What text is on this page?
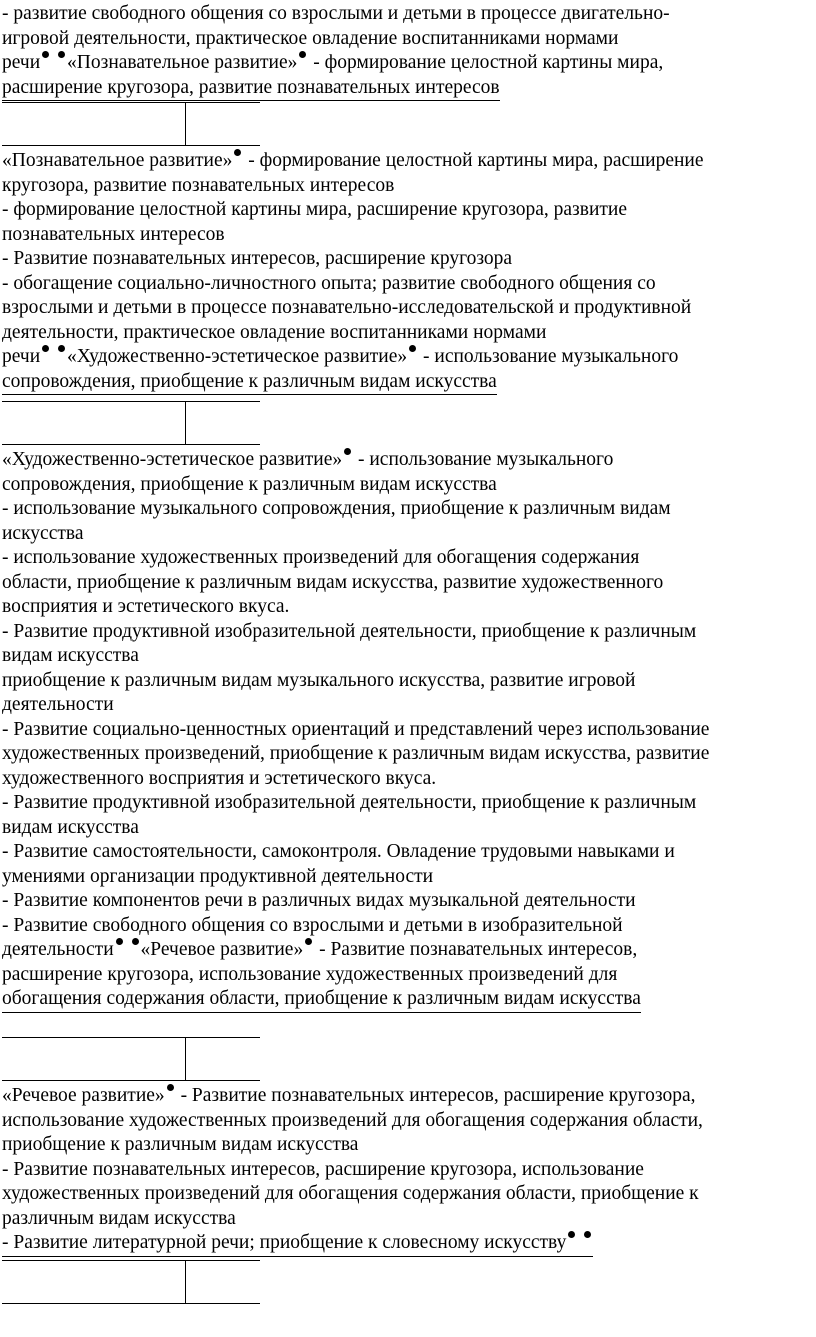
- развитие свободного общения со взрослыми и детьми в процессе двигательно-
игровой деятельности, практическое овладение воспитанниками нормами
речи «Познавательное развитие» - формирование целостной картины мира,
расширение кругозора, развитие познавательных интересов
«Познавательное развитие» - формирование целостной картины мира, расширение
кругозора, развитие познавательных интересов
- формирование целостной картины мира, расширение кругозора, развитие
познавательных интересов
- Развитие познавательных интересов, расширение кругозора
- обогащение социально-личностного опыта; развитие свободного общения со
взрослыми и детьми в процессе познавательно-исследовательской и продуктивной
деятельности, практическое овладение воспитанниками нормами
речи «Художественно-эстетическое развитие» - использование музыкального
сопровождения, приобщение к различным видам искусства
«Художественно-эстетическое развитие» - использование музыкального
сопровождения, приобщение к различным видам искусства
- использование музыкального сопровождения, приобщение к различным видам
искусства
- использование художественных произведений для обогащения содержания
области, приобщение к различным видам искусства, развитие художественного
восприятия и эстетического вкуса.
- Развитие продуктивной изобразительной деятельности, приобщение к различным
видам искусства
приобщение к различным видам музыкального искусства, развитие игровой
деятельности
- Развитие социально-ценностных ориентаций и представлений через использование
художественных произведений, приобщение к различным видам искусства, развитие
художественного восприятия и эстетического вкуса.
- Развитие продуктивной изобразительной деятельности, приобщение к различным
видам искусства
- Развитие самостоятельности, самоконтроля. Овладение трудовыми навыками и
умениями организации продуктивной деятельности
- Развитие компонентов речи в различных видах музыкальной деятельности
- Развитие свободного общения со взрослыми и детьми в изобразительной
деятельности «Речевое развитие» - Развитие познавательных интересов,
расширение кругозора, использование художественных произведений для
обогащения содержания области, приобщение к различным видам искусства
«Речевое развитие» - Развитие познавательных интересов, расширение кругозора,
использование художественных произведений для обогащения содержания области,
приобщение к различным видам искусства
- Развитие познавательных интересов, расширение кругозора, использование
художественных произведений для обогащения содержания области, приобщение к
различным видам искусства
- Развитие литературной речи; приобщение к словесному искусству
